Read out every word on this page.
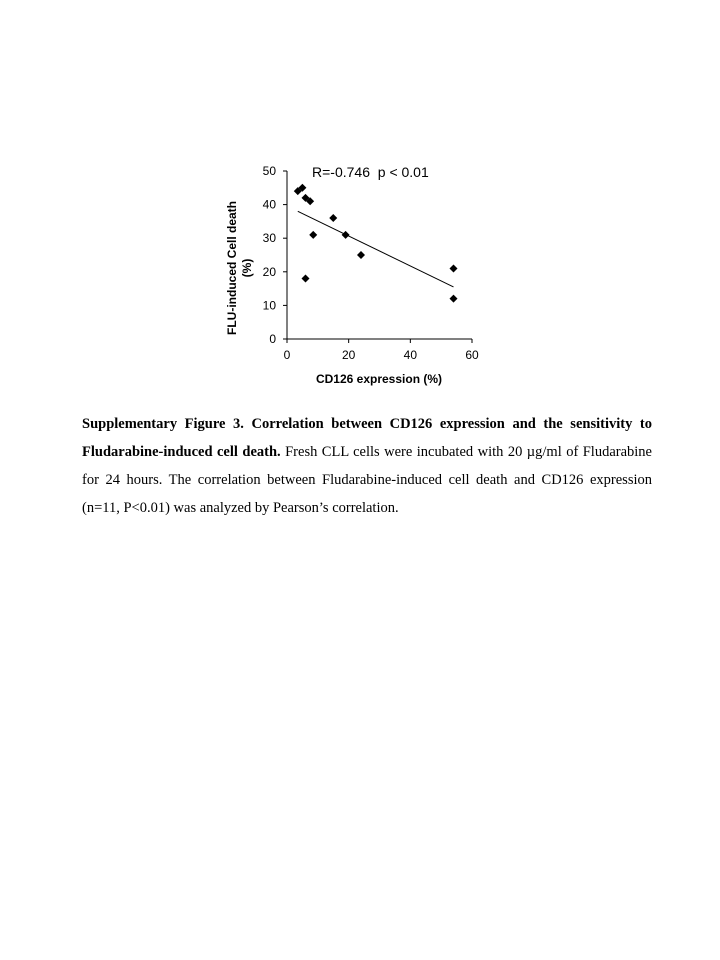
0
10
20
30
40
50
0	20	40	60
R=-0.746  p < 0.01
CD126 expression (%)
FLU-induced Cell death (%)

Supplementary Figure 3. Correlation between CD126 expression and the sensitivity to Fludarabine-induced cell death. Fresh CLL cells were incubated with 20 µg/ml of Fludarabine for 24 hours. The correlation between Fludarabine-induced cell death and CD126 expression (n=11, P<0.01) was analyzed by Pearson’s correlation.
